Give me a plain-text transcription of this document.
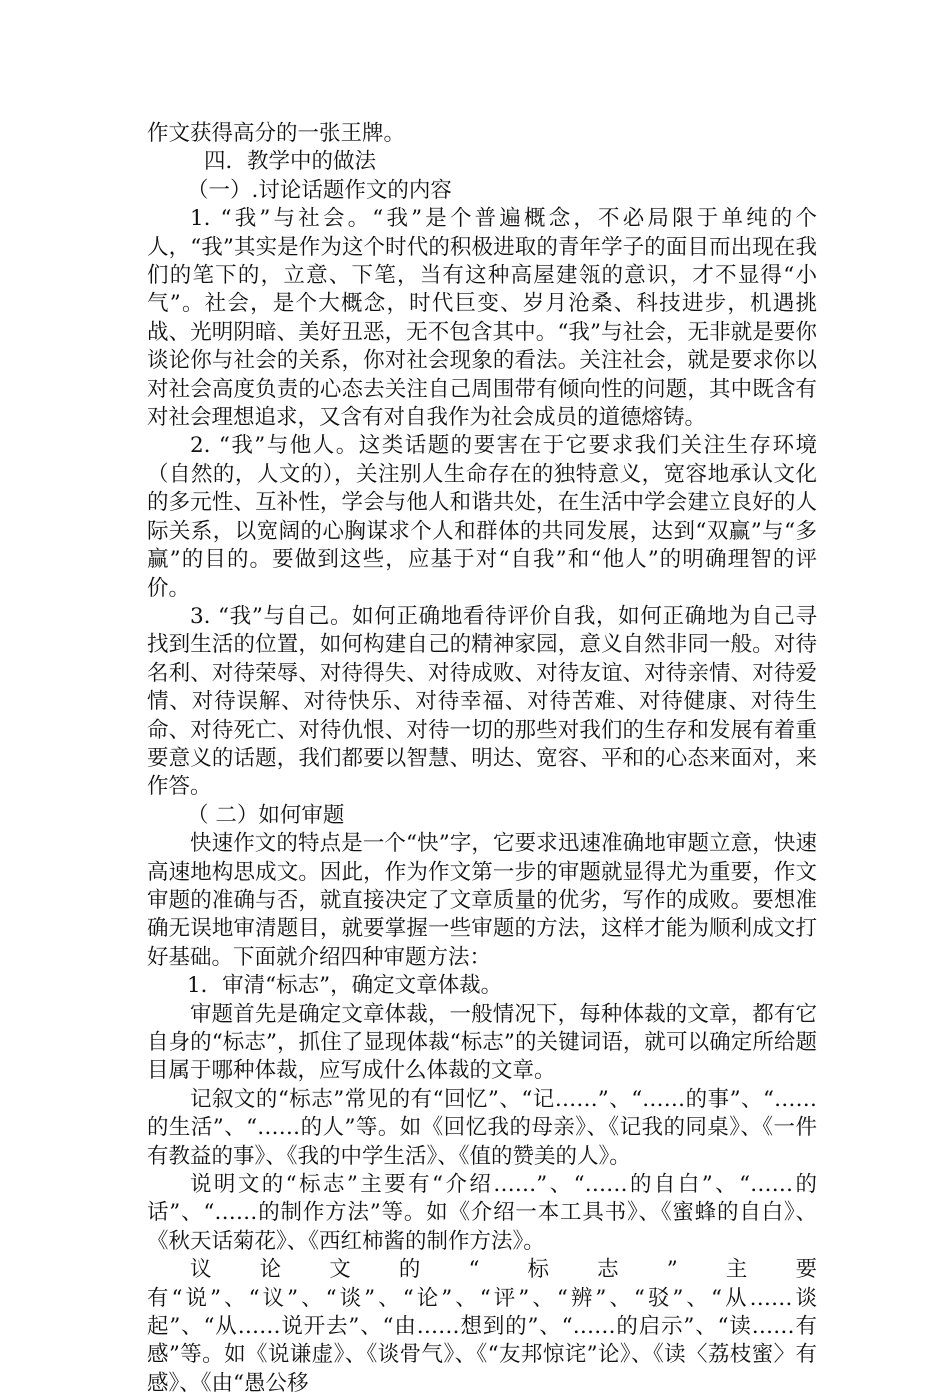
作文获得高分的一张王牌。

四．教学中的做法

（一）.讨论话题作文的内容

1. “我”与社会。“我”是个普遍概念，不必局限于单纯的个人，“我”其实是作为这个时代的积极进取的青年学子的面目而出现在我们的笔下的，立意、下笔，当有这种高屋建瓴的意识，才不显得“小气”。社会，是个大概念，时代巨变、岁月沧桑、科技进步，机遇挑战、光明阴暗、美好丑恶，无不包含其中。“我”与社会，无非就是要你谈论你与社会的关系，你对社会现象的看法。关注社会，就是要求你以对社会高度负责的心态去关注自己周围带有倾向性的问题，其中既含有对社会理想追求，又含有对自我作为社会成员的道德熔铸。

2. “我”与他人。这类话题的要害在于它要求我们关注生存环境（自然的，人文的），关注别人生命存在的独特意义，宽容地承认文化的多元性、互补性，学会与他人和谐共处，在生活中学会建立良好的人际关系，以宽阔的心胸谋求个人和群体的共同发展，达到“双赢”与“多赢”的目的。要做到这些，应基于对“自我”和“他人”的明确理智的评价。

3. “我”与自己。如何正确地看待评价自我，如何正确地为自己寻找到生活的位置，如何构建自己的精神家园，意义自然非同一般。对待名利、对待荣辱、对待得失、对待成败、对待友谊、对待亲情、对待爱情、对待误解、对待快乐、对待幸福、对待苦难、对待健康、对待生命、对待死亡、对待仇恨、对待一切的那些对我们的生存和发展有着重要意义的话题，我们都要以智慧、明达、宽容、平和的心态来面对，来作答。

（ 二）如何审题

快速作文的特点是一个“快”字，它要求迅速准确地审题立意，快速高速地构思成文。因此，作为作文第一步的审题就显得尤为重要，作文审题的准确与否，就直接决定了文章质量的优劣，写作的成败。要想准确无误地审清题目，就要掌握一些审题的方法，这样才能为顺利成文打好基础。下面就介绍四种审题方法：

1．审清“标志”，确定文章体裁。

审题首先是确定文章体裁，一般情况下，每种体裁的文章，都有它自身的“标志”，抓住了显现体裁“标志”的关键词语，就可以确定所给题目属于哪种体裁，应写成什么体裁的文章。

记叙文的“标志”常见的有“回忆”、“记……”、“……的事”、“……的生活”、“……的人”等。如《回忆我的母亲》、《记我的同桌》、《一件有教益的事》、《我的中学生活》、《值的赞美的人》。

说明文的“标志”主要有“介绍……”、“……的自白”、“……的话”、“……的制作方法”等。如《介绍一本工具书》、《蜜蜂的自白》、《秋天话菊花》、《西红柿酱的制作方法》。

议论文的“标志”主要有“说”、“议”、“谈”、“论”、“评”、“辨”、“驳”、“从……谈起”、“从……说开去”、“由……想到的”、“……的启示”、“读……有感”等。如《说谦虚》、《谈骨气》、《“友邦惊诧”论》、《读〈荔枝蜜〉有感》、《由“愚公移
